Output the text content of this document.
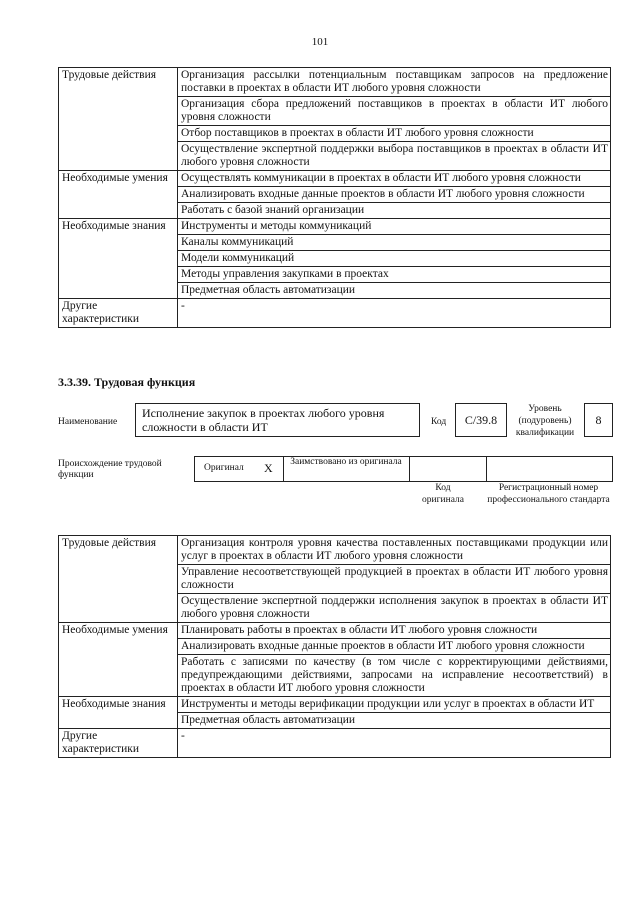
101
Трудовые действия	Организация рассылки потенциальным поставщикам запросов на предложение поставки в проектах в области ИТ любого уровня сложности
	Организация сбора предложений поставщиков в проектах в области ИТ любого уровня сложности
	Отбор поставщиков в проектах в области ИТ любого уровня сложности
	Осуществление экспертной поддержки выбора поставщиков в проектах в области ИТ любого уровня сложности
Необходимые умения	Осуществлять коммуникации в проектах в области ИТ любого уровня сложности
	Анализировать входные данные проектов в области ИТ любого уровня сложности
	Работать с базой знаний организации
Необходимые знания	Инструменты и методы коммуникаций
	Каналы коммуникаций
	Модели коммуникаций
	Методы управления закупками в проектах
	Предметная область автоматизации
Другие характеристики	-
3.3.39. Трудовая функция
Наименование
Исполнение закупок в проектах любого уровня сложности в области ИТ	Код	C/39.8
Уровень (подуровень) квалификации
8
Происхождение трудовой функции
Оригинал X	Заимствовано из оригинала
Код оригинала
Регистрационный номер профессионального стандарта
Трудовые действия	Организация контроля уровня качества поставленных поставщиками продукции или услуг в проектах в области ИТ любого уровня сложности
	Управление несоответствующей продукцией в проектах в области ИТ любого уровня сложности
	Осуществление экспертной поддержки исполнения закупок в проектах в области ИТ любого уровня сложности
Необходимые умения	Планировать работы в проектах в области ИТ любого уровня сложности
	Анализировать входные данные проектов в области ИТ любого уровня сложности
	Работать с записями по качеству (в том числе с корректирующими действиями, предупреждающими действиями, запросами на исправление несоответствий) в проектах в области ИТ любого уровня сложности
Необходимые знания	Инструменты и методы верификации продукции или услуг в проектах в области ИТ
	Предметная область автоматизации
Другие характеристики	-
